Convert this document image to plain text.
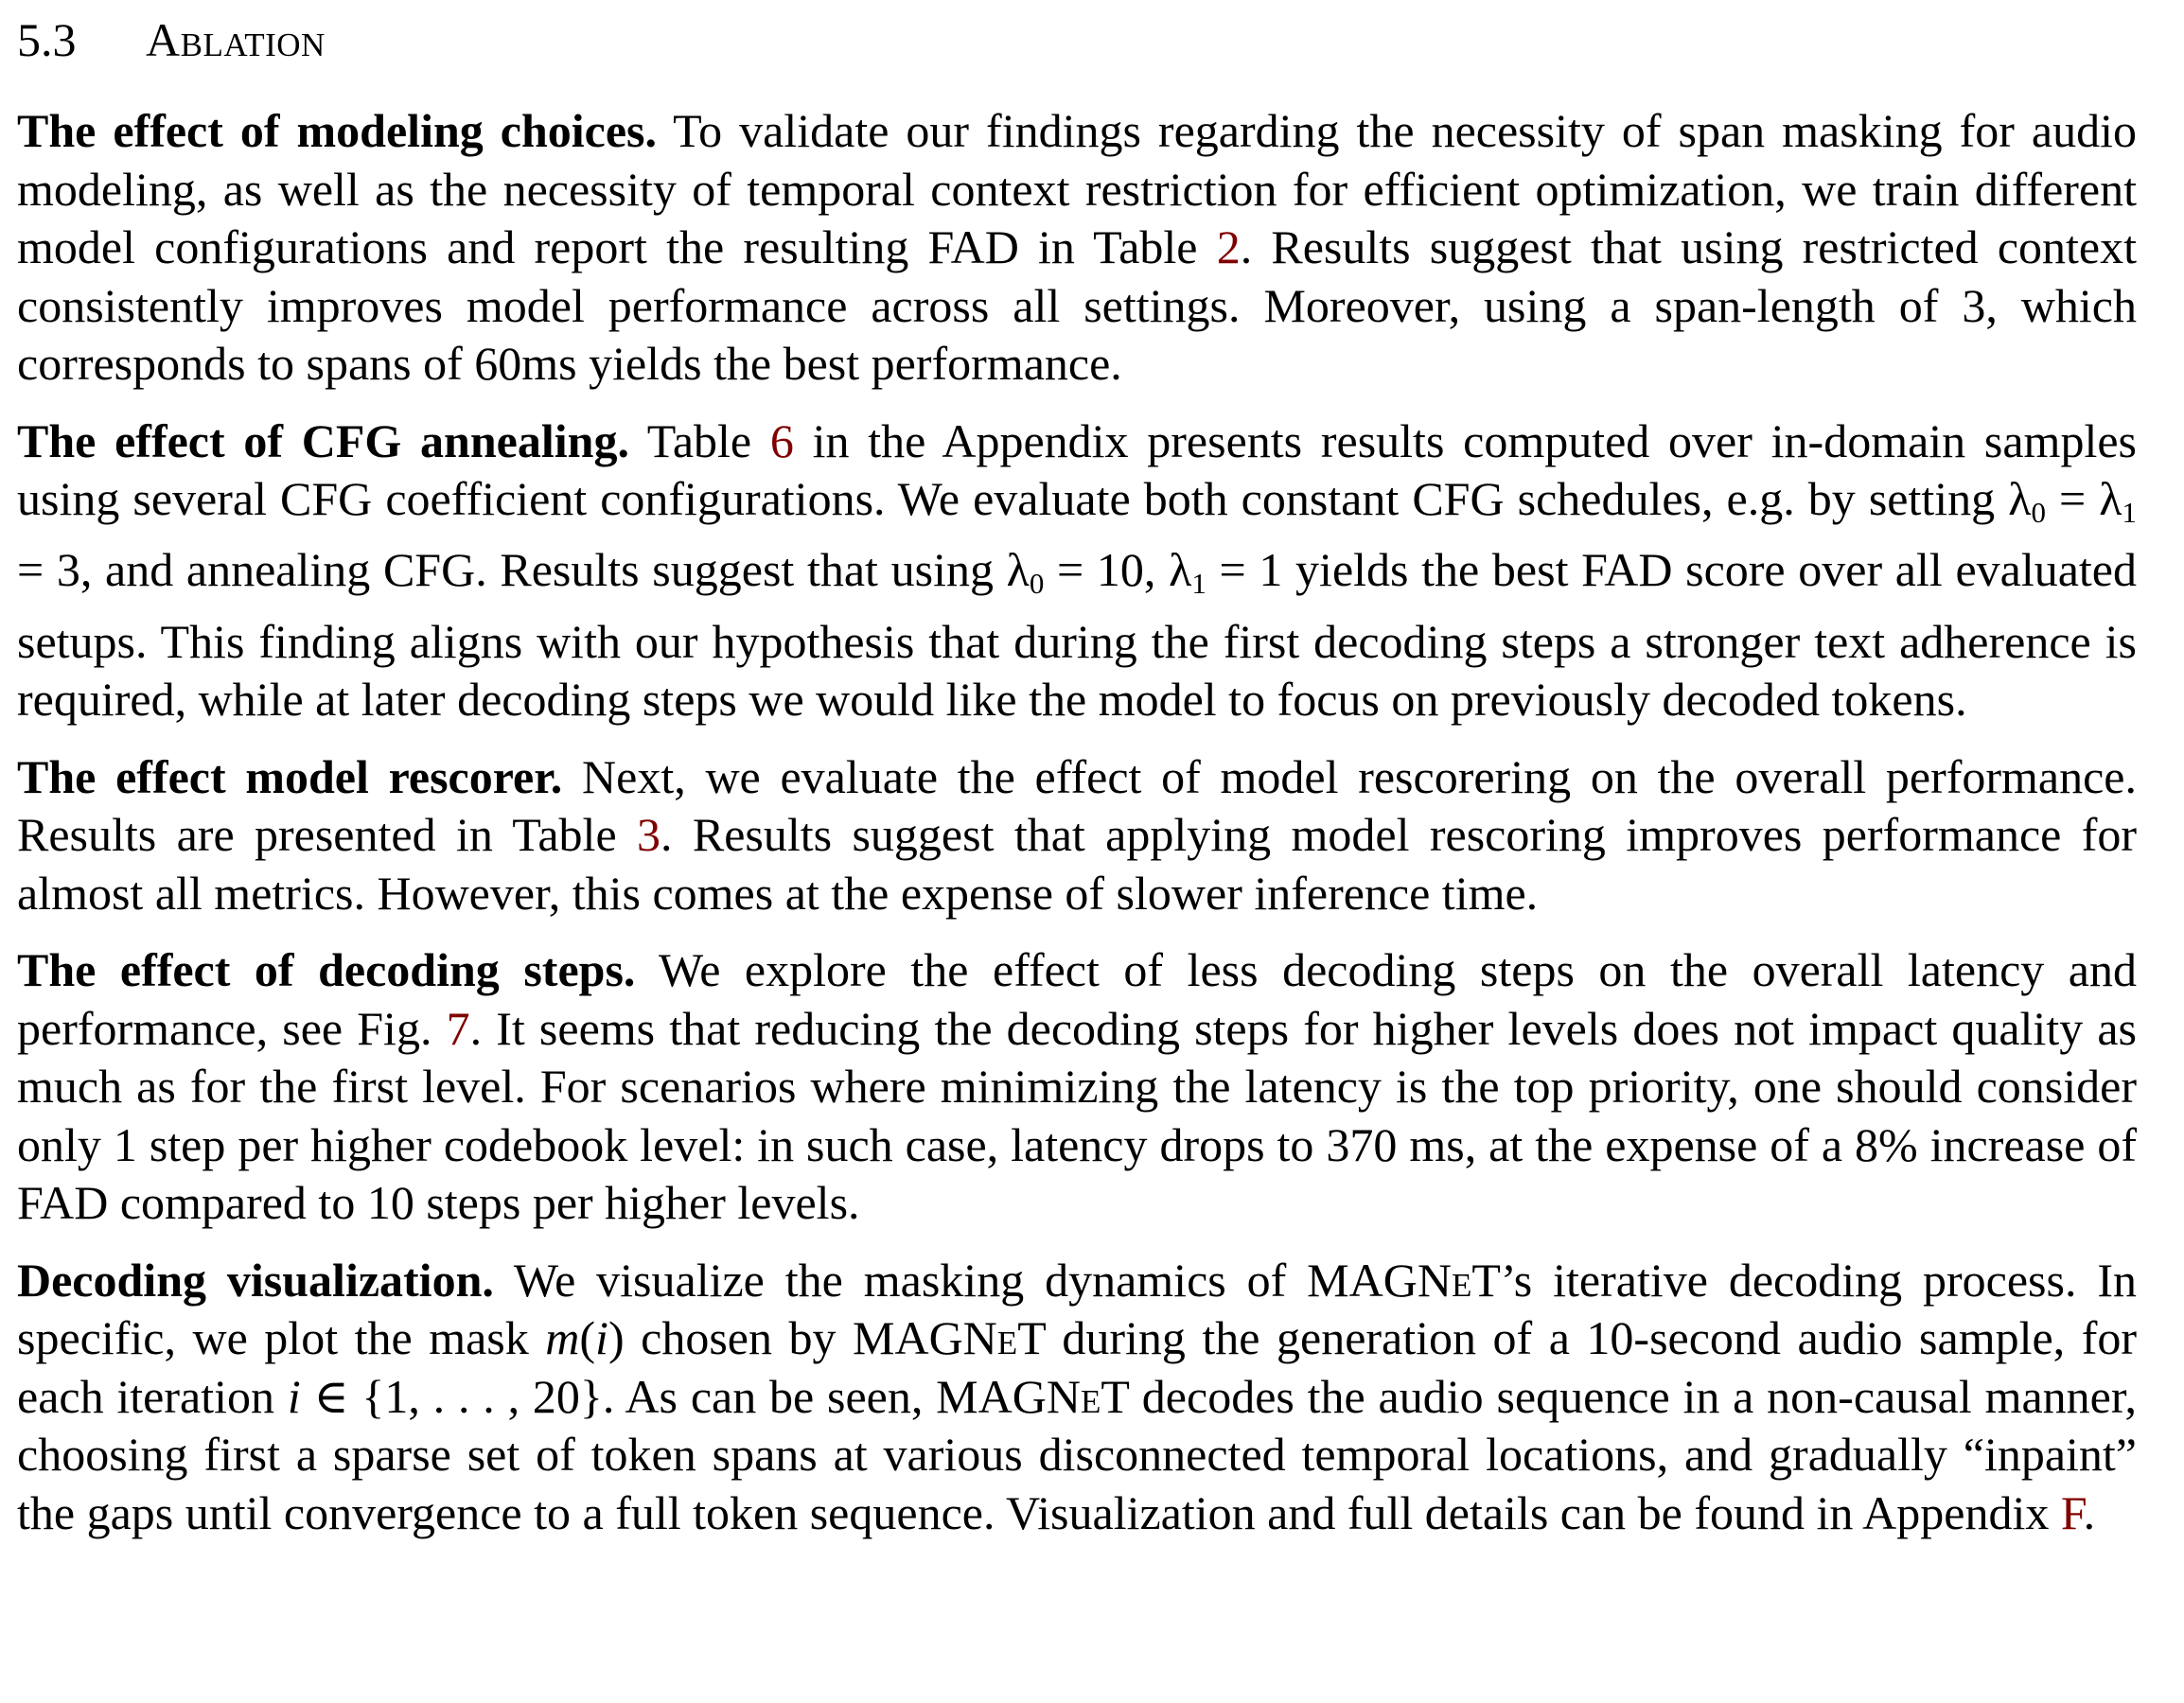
5.3 Ablation

The effect of modeling choices. To validate our findings regarding the necessity of span masking for audio modeling, as well as the necessity of temporal context restriction for efficient optimization, we train different model configurations and report the resulting FAD in Table 2. Results suggest that using restricted context consistently improves model performance across all settings. Moreover, using a span-length of 3, which corresponds to spans of 60ms yields the best performance.

The effect of CFG annealing. Table 6 in the Appendix presents results computed over in-domain samples using several CFG coefficient configurations. We evaluate both constant CFG schedules, e.g. by setting $\lambda_0 = \lambda_1 = 3$, and annealing CFG. Results suggest that using $\lambda_0 = 10$, $\lambda_1 = 1$ yields the best FAD score over all evaluated setups. This finding aligns with our hypothesis that during the first decoding steps a stronger text adherence is required, while at later decoding steps we would like the model to focus on previously decoded tokens.

The effect model rescorer. Next, we evaluate the effect of model rescorering on the overall performance. Results are presented in Table 3. Results suggest that applying model rescoring improves performance for almost all metrics. However, this comes at the expense of slower inference time.

The effect of decoding steps. We explore the effect of less decoding steps on the overall latency and performance, see Fig. 7. It seems that reducing the decoding steps for higher levels does not impact quality as much as for the first level. For scenarios where minimizing the latency is the top priority, one should consider only 1 step per higher codebook level: in such case, latency drops to 370 ms, at the expense of a 8% increase of FAD compared to 10 steps per higher levels.

Decoding visualization. We visualize the masking dynamics of MAGNeT’s iterative decoding process. In specific, we plot the mask m(i) chosen by MAGNeT during the generation of a 10-second audio sample, for each iteration i ∈ {1, . . . , 20}. As can be seen, MAGNeT decodes the audio sequence in a non-causal manner, choosing first a sparse set of token spans at various disconnected temporal locations, and gradually “inpaint” the gaps until convergence to a full token sequence. Visualization and full details can be found in Appendix F.
